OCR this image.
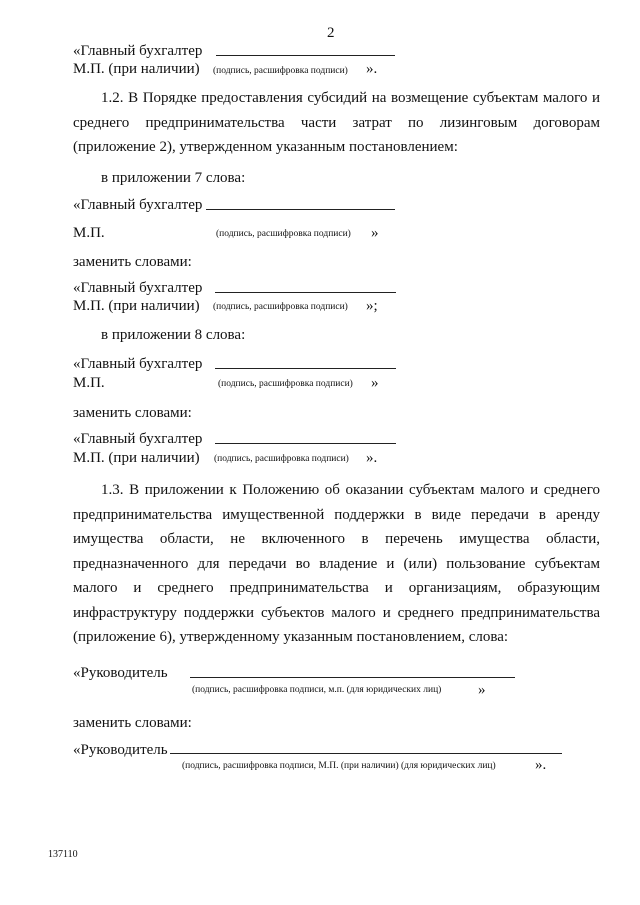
2
«Главный бухгалтер
М.П. (при наличии) (подпись, расшифровка подписи) ».
1.2. В Порядке предоставления субсидий на возмещение субъектам малого и среднего предпринимательства части затрат по лизинговым договорам (приложение 2), утвержденном указанным постановлением:
в приложении 7 слова:
«Главный бухгалтер
М.П.	(подпись, расшифровка подписи) »
заменить словами:
«Главный бухгалтер
М.П. (при наличии) (подпись, расшифровка подписи) »;
в приложении 8 слова:
«Главный бухгалтер
М.П.	(подпись, расшифровка подписи) »
заменить словами:
«Главный бухгалтер
М.П. (при наличии) (подпись, расшифровка подписи) ».
1.3. В приложении к Положению об оказании субъектам малого и среднего предпринимательства имущественной поддержки в виде передачи в аренду имущества области, не включенного в перечень имущества области, предназначенного для передачи во владение и (или) пользование субъектам малого и среднего предпринимательства и организациям, образующим инфраструктуру поддержки субъектов малого и среднего предпринимательства (приложение 6), утвержденному указанным постановлением, слова:
«Руководитель
(подпись, расшифровка подписи, м.п. (для юридических лиц) »
заменить словами:
«Руководитель
(подпись, расшифровка подписи, М.П. (при наличии) (для юридических лиц)	».
137110
